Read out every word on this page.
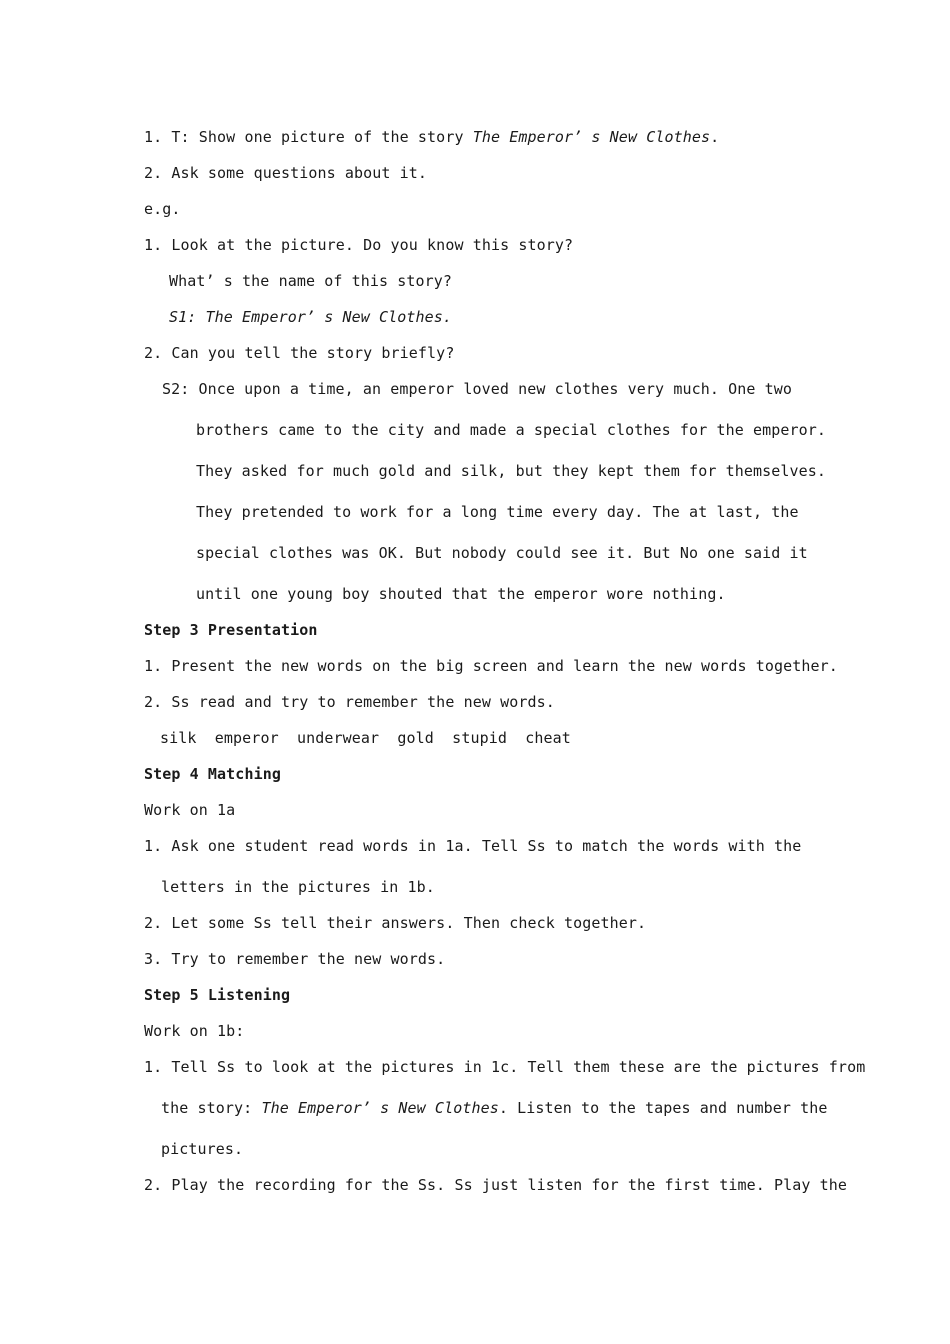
1. T: Show one picture of the story The Emperor’ s New Clothes.
2. Ask some questions about it.
e.g.
1. Look at the picture. Do you know this story?
What’ s the name of this story?
S1: The Emperor’ s New Clothes.
2. Can you tell the story briefly?
S2: Once upon a time, an emperor loved new clothes very much. One two
brothers came to the city and made a special clothes for the emperor.
They asked for much gold and silk, but they kept them for themselves.
They pretended to work for a long time every day. The at last, the
special clothes was OK. But nobody could see it. But No one said it
until one young boy shouted that the emperor wore nothing.
Step 3 Presentation
1. Present the new words on the big screen and learn the new words together.
2. Ss read and try to remember the new words.
silk  emperor  underwear  gold  stupid  cheat
Step 4 Matching
Work on 1a
1. Ask one student read words in 1a. Tell Ss to match the words with the
letters in the pictures in 1b.
2. Let some Ss tell their answers. Then check together.
3. Try to remember the new words.
Step 5 Listening
Work on 1b:
1. Tell Ss to look at the pictures in 1c. Tell them these are the pictures from
the story: The Emperor’ s New Clothes. Listen to the tapes and number the
pictures.
2. Play the recording for the Ss. Ss just listen for the first time. Play the
